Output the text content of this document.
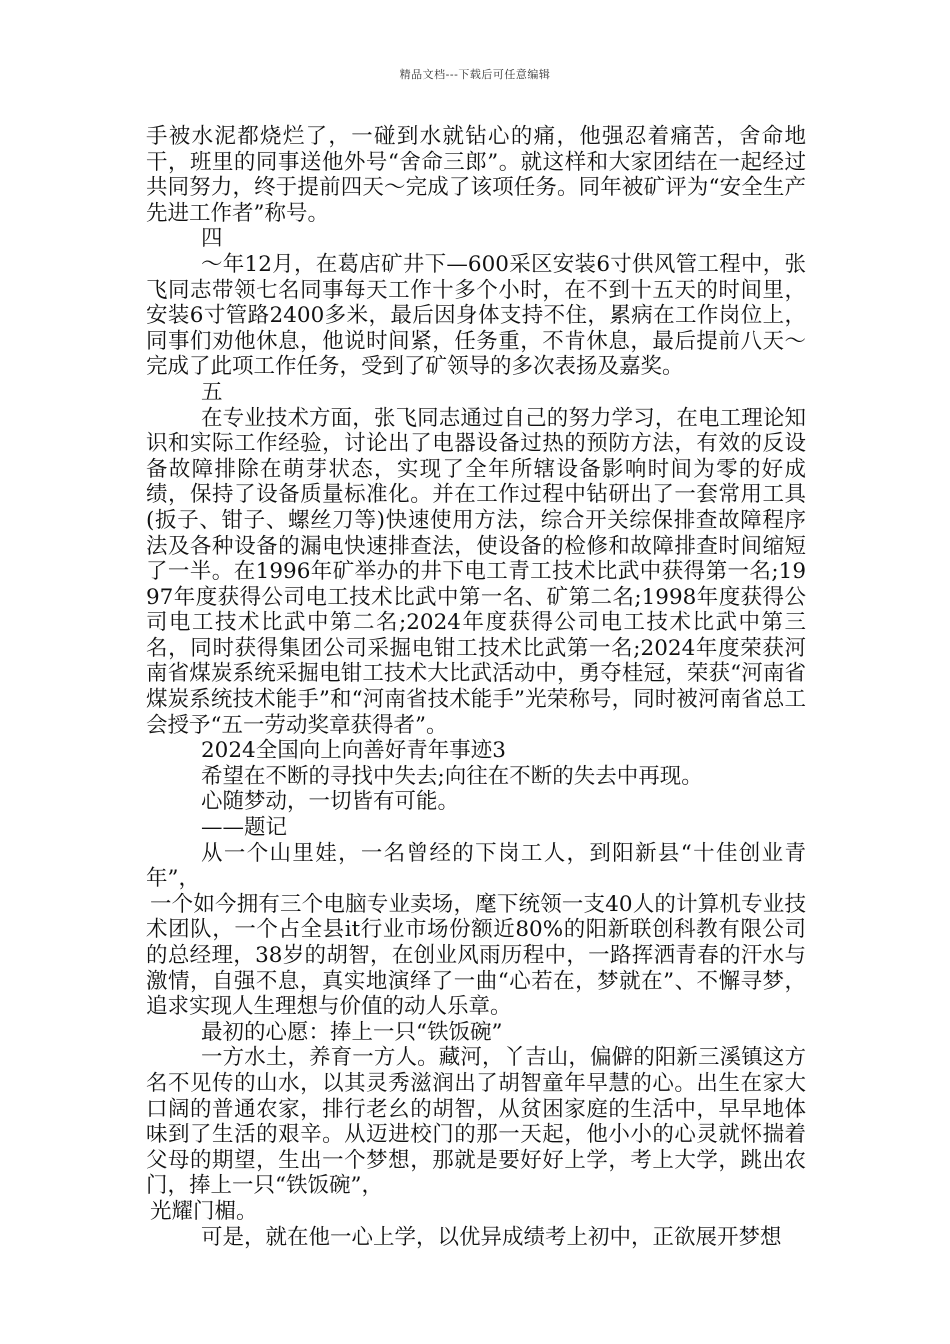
精品文档---下载后可任意编辑

手被水泥都烧烂了，一碰到水就钻心的痛，他强忍着痛苦，舍命地干，班里的同事送他外号“舍命三郎”。就这样和大家团结在一起经过共同努力，终于提前四天～完成了该项任务。同年被矿评为“安全生产先进工作者”称号。

四

～年12月，在葛店矿井下—600采区安装6寸供风管工程中，张飞同志带领七名同事每天工作十多个小时，在不到十五天的时间里，安装6寸管路2400多米，最后因身体支持不住，累病在工作岗位上，同事们劝他休息，他说时间紧，任务重，不肯休息，最后提前八天～完成了此项工作任务，受到了矿领导的多次表扬及嘉奖。

五

在专业技术方面，张飞同志通过自己的努力学习，在电工理论知识和实际工作经验，讨论出了电器设备过热的预防方法，有效的反设备故障排除在萌芽状态，实现了全年所辖设备影响时间为零的好成绩，保持了设备质量标准化。并在工作过程中钻研出了一套常用工具(扳子、钳子、螺丝刀等)快速使用方法，综合开关综保排查故障程序法及各种设备的漏电快速排查法，使设备的检修和故障排查时间缩短了一半。在1996年矿举办的井下电工青工技术比武中获得第一名;1997年度获得公司电工技术比武中第一名、矿第二名;1998年度获得公司电工技术比武中第二名;2024年度获得公司电工技术比武中第三名，同时获得集团公司采掘电钳工技术比武第一名;2024年度荣获河南省煤炭系统采掘电钳工技术大比武活动中，勇夺桂冠，荣获“河南省煤炭系统技术能手”和“河南省技术能手”光荣称号，同时被河南省总工会授予“五一劳动奖章获得者”。

2024全国向上向善好青年事迹3

希望在不断的寻找中失去;向往在不断的失去中再现。

心随梦动，一切皆有可能。

——题记

从一个山里娃，一名曾经的下岗工人，到阳新县“十佳创业青年”，

一个如今拥有三个电脑专业卖场，麾下统领一支40人的计算机专业技术团队，一个占全县it行业市场份额近80%的阳新联创科教有限公司的总经理，38岁的胡智，在创业风雨历程中，一路挥洒青春的汗水与激情，自强不息，真实地演绎了一曲“心若在，梦就在”、不懈寻梦，追求实现人生理想与价值的动人乐章。

最初的心愿：捧上一只“铁饭碗”

一方水土，养育一方人。藏河，丫吉山，偏僻的阳新三溪镇这方名不见传的山水，以其灵秀滋润出了胡智童年早慧的心。出生在家大口阔的普通农家，排行老幺的胡智，从贫困家庭的生活中，早早地体味到了生活的艰辛。从迈进校门的那一天起，他小小的心灵就怀揣着父母的期望，生出一个梦想，那就是要好好上学，考上大学，跳出农门，捧上一只“铁饭碗”，

光耀门楣。

可是，就在他一心上学，以优异成绩考上初中，正欲展开梦想
